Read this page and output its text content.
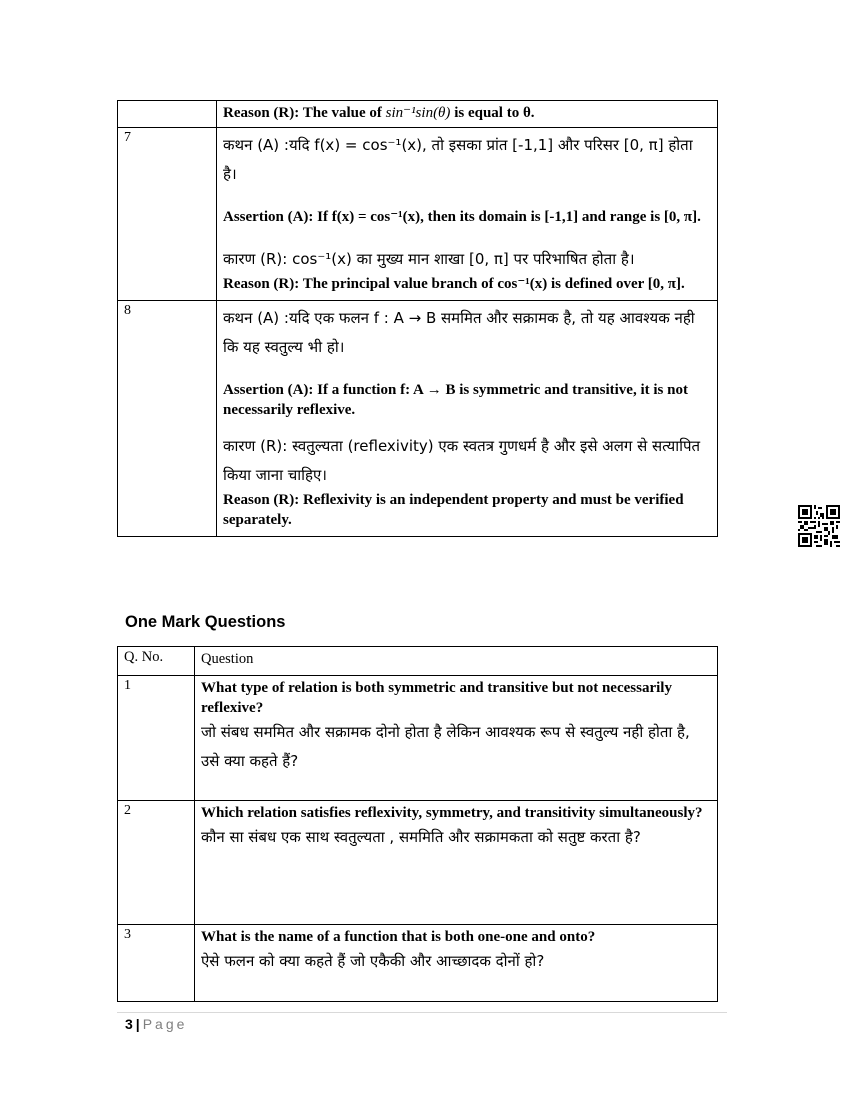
	Reason (R): The value of sin⁻¹sin(θ) is equal to θ.
7	कथन (A) :यदि f(x) = cos⁻¹(x), तो इसका प्रांत [-1,1] और परिसर [0, π] होता है।
Assertion (A): If f(x) = cos⁻¹(x), then its domain is [-1,1] and range is [0, π].
कारण (R): cos⁻¹(x) का मुख्य मान शाखा [0, π] पर परिभाषित होता है।
Reason (R): The principal value branch of cos⁻¹(x) is defined over [0, π].

8	कथन (A) :यदि एक फलन f : A → B सममित और सक्रामक है, तो यह आवश्यक नही कि यह स्वतुल्य भी हो।
Assertion (A): If a function f: A → B is symmetric and transitive, it is not necessarily reflexive.
कारण (R): स्वतुल्यता (reflexivity) एक स्वतत्र गुणधर्म है और इसे अलग से सत्यापित किया जाना चाहिए।
Reason (R): Reflexivity is an independent property and must be verified separately.
One Mark Questions
Q. No.	Question
1	What type of relation is both symmetric and transitive but not necessarily reflexive?
जो संबध सममित और सक्रामक दोनो होता है लेकिन आवश्यक रूप से स्वतुल्य नही होता है, उसे क्या कहते हैं?

2	Which relation satisfies reflexivity, symmetry, and transitivity simultaneously?
कौन सा संबध एक साथ स्वतुल्यता , सममिति और सक्रामकता को सतुष्ट करता है?

3	What is the name of a function that is both one-one and onto?
ऐसे फलन को क्या कहते हैं जो एकैकी और आच्छादक दोनों हो?
3 | Page
